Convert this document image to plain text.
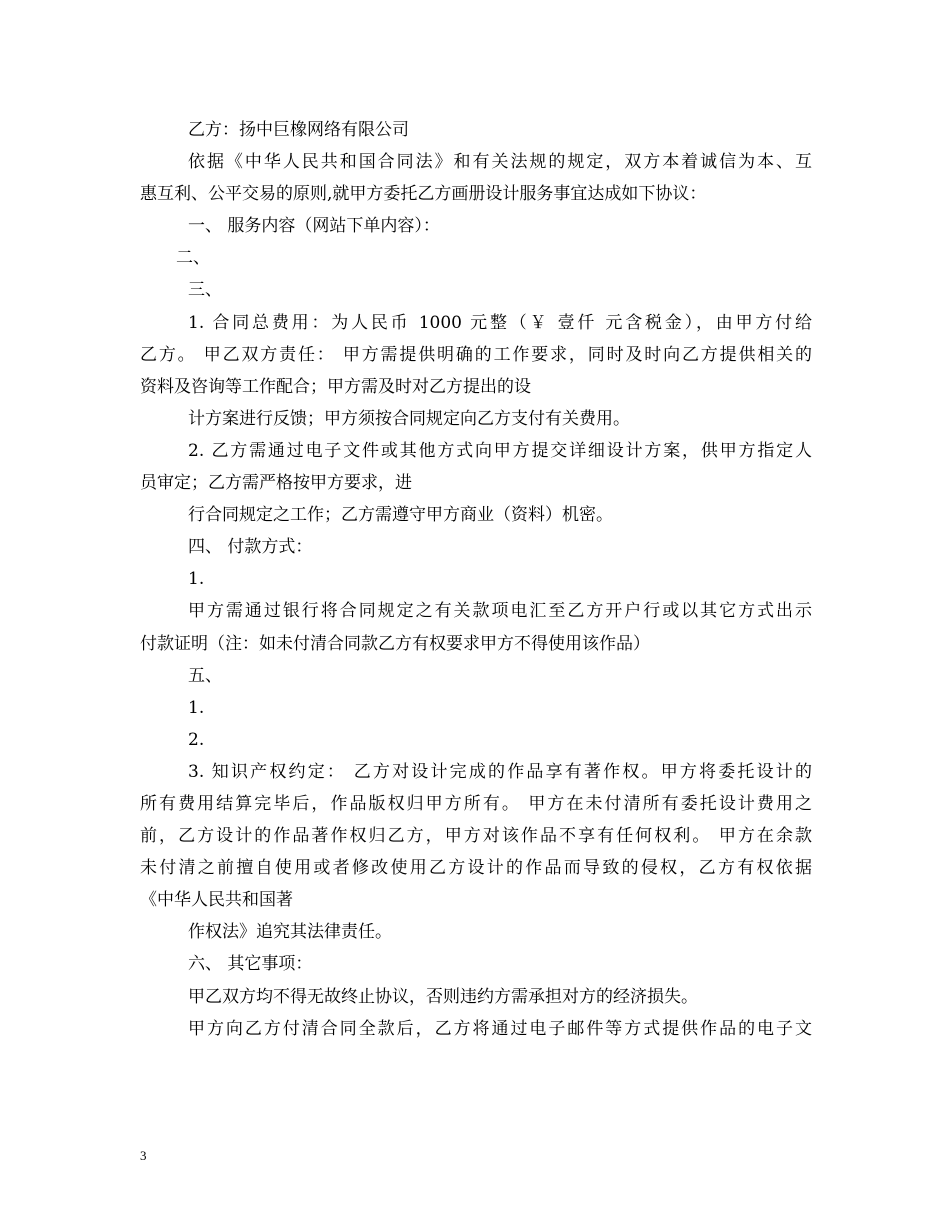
乙方：扬中巨橡网络有限公司
依据《中华人民共和国合同法》和有关法规的规定，双方本着诚信为本、互
惠互利、公平交易的原则,就甲方委托乙方画册设计服务事宜达成如下协议：
一、 服务内容（网站下单内容）：
二、
三、
1. 合同总费用：为人民币 1000 元整（￥ 壹仟 元含税金），由甲方付给
乙方。 甲乙双方责任： 甲方需提供明确的工作要求，同时及时向乙方提供相关的
资料及咨询等工作配合；甲方需及时对乙方提出的设
计方案进行反馈；甲方须按合同规定向乙方支付有关费用。
2. 乙方需通过电子文件或其他方式向甲方提交详细设计方案，供甲方指定人
员审定；乙方需严格按甲方要求，进
行合同规定之工作；乙方需遵守甲方商业（资料）机密。
四、 付款方式：
1.
甲方需通过银行将合同规定之有关款项电汇至乙方开户行或以其它方式出示
付款证明（注：如未付清合同款乙方有权要求甲方不得使用该作品）
五、
1.
2.
3. 知识产权约定： 乙方对设计完成的作品享有著作权。甲方将委托设计的
所有费用结算完毕后，作品版权归甲方所有。 甲方在未付清所有委托设计费用之
前，乙方设计的作品著作权归乙方，甲方对该作品不享有任何权利。 甲方在余款
未付清之前擅自使用或者修改使用乙方设计的作品而导致的侵权，乙方有权依据
《中华人民共和国著
作权法》追究其法律责任。
六、 其它事项：
甲乙双方均不得无故终止协议，否则违约方需承担对方的经济损失。
甲方向乙方付清合同全款后，乙方将通过电子邮件等方式提供作品的电子文
3
